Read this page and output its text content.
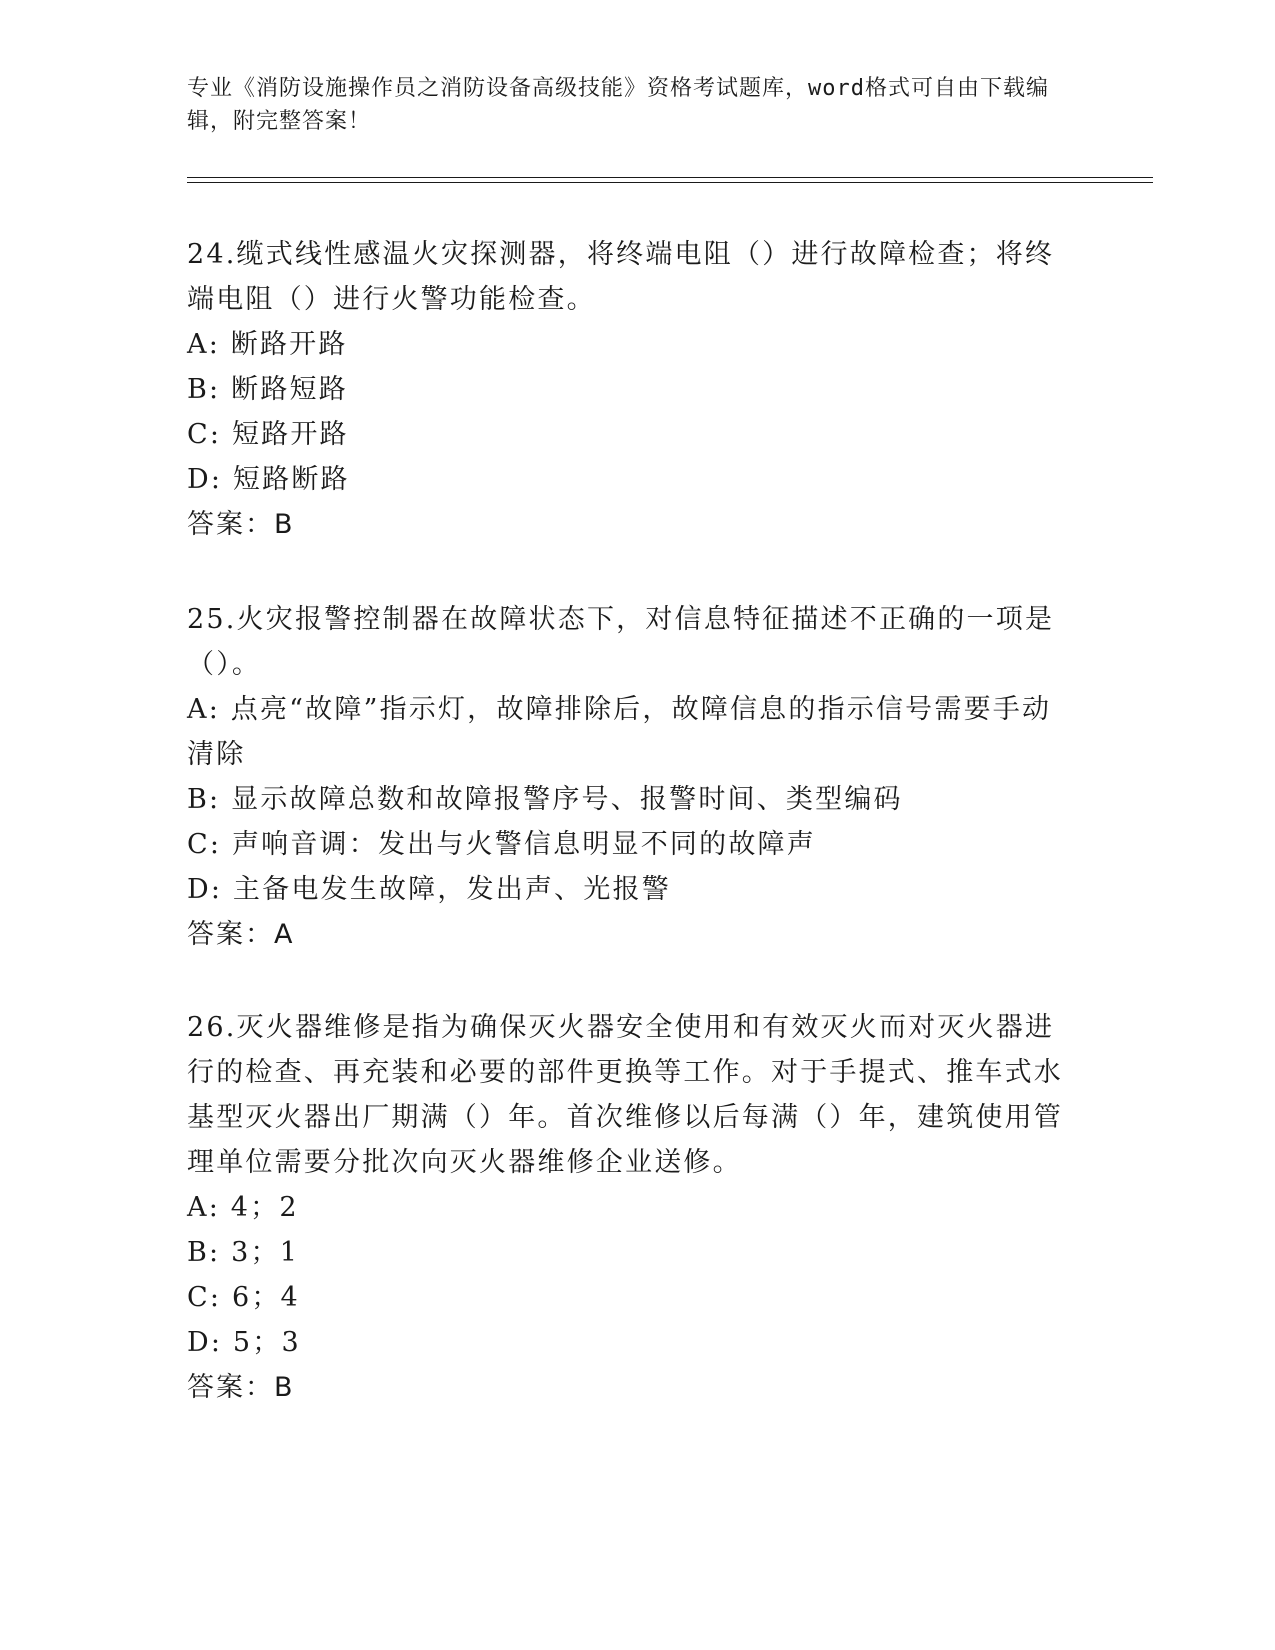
专业《消防设施操作员之消防设备高级技能》资格考试题库，word格式可自由下载编辑，附完整答案！

24.缆式线性感温火灾探测器，将终端电阻（）进行故障检查；将终端电阻（）进行火警功能检查。

A: 断路开路

B: 断路短路

C: 短路开路

D: 短路断路

答案：B

25.火灾报警控制器在故障状态下，对信息特征描述不正确的一项是（）。

A: 点亮“故障”指示灯，故障排除后，故障信息的指示信号需要手动清除

B: 显示故障总数和故障报警序号、报警时间、类型编码

C: 声响音调：发出与火警信息明显不同的故障声

D: 主备电发生故障，发出声、光报警

答案：A

26.灭火器维修是指为确保灭火器安全使用和有效灭火而对灭火器进行的检查、再充装和必要的部件更换等工作。对于手提式、推车式水基型灭火器出厂期满（）年。首次维修以后每满（）年，建筑使用管理单位需要分批次向灭火器维修企业送修。

A: 4；2

B: 3；1

C: 6；4

D: 5；3

答案：B
